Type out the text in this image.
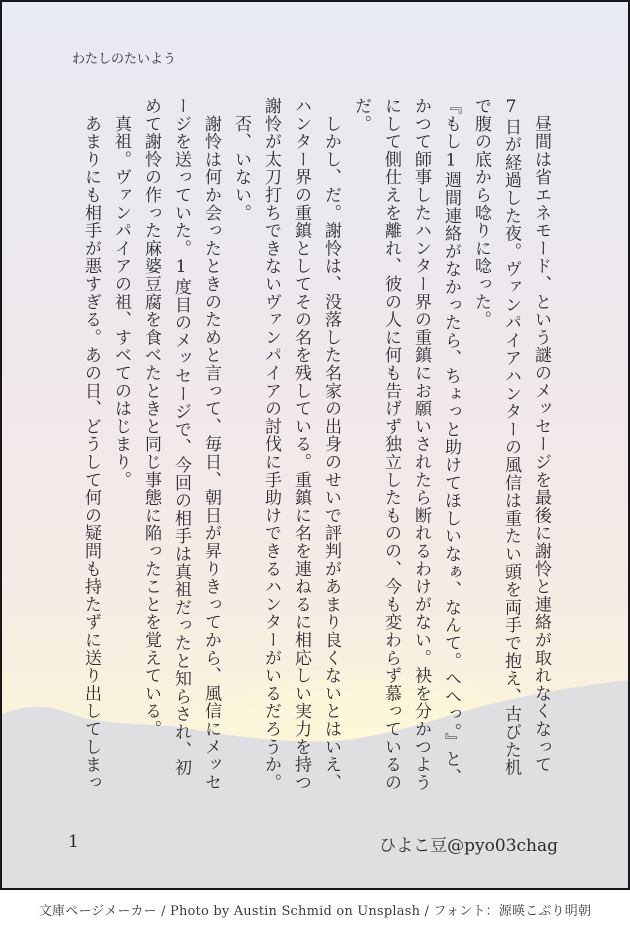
わたしのたいよう

　昼間は省エネモード、という謎のメッセージを最後に謝怜と連絡が取れなくなって7日が経過した夜。ヴァンパイアハンターの風信は重たい頭を両手で抱え、古びた机で腹の底から唸りに唸った。

『もし1週間連絡がなかったら、ちょっと助けてほしいなぁ、なんて。へへっ。』と、かつて師事したハンター界の重鎮にお願いされたら断れるわけがない。袂を分かつようにして側仕えを離れ、彼の人に何も告げず独立したものの、今も変わらず慕っているのだ。

　しかし、だ。謝怜は、没落した名家の出身のせいで評判があまり良くないとはいえ、ハンター界の重鎮としてその名を残している。重鎮に名を連ねるに相応しい実力を持つ謝怜が太刀打ちできないヴァンパイアの討伐に手助けできるハンターがいるだろうか。

　否、いない。

　謝怜は何か会ったときのためと言って、毎日、朝日が昇りきってから、風信にメッセージを送っていた。1度目のメッセージで、今回の相手は真祖だったと知らされ、初めて謝怜の作った麻婆豆腐を食べたときと同じ事態に陥ったことを覚えている。

　真祖。ヴァンパイアの祖、すべてのはじまり。

　あまりにも相手が悪すぎる。あの日、どうして何の疑問も持たずに送り出してしまっ

1	ひよこ豆@pyo03chag
文庫ページメーカー / Photo by Austin Schmid on Unsplash / フォント：源暎こぶり明朝
